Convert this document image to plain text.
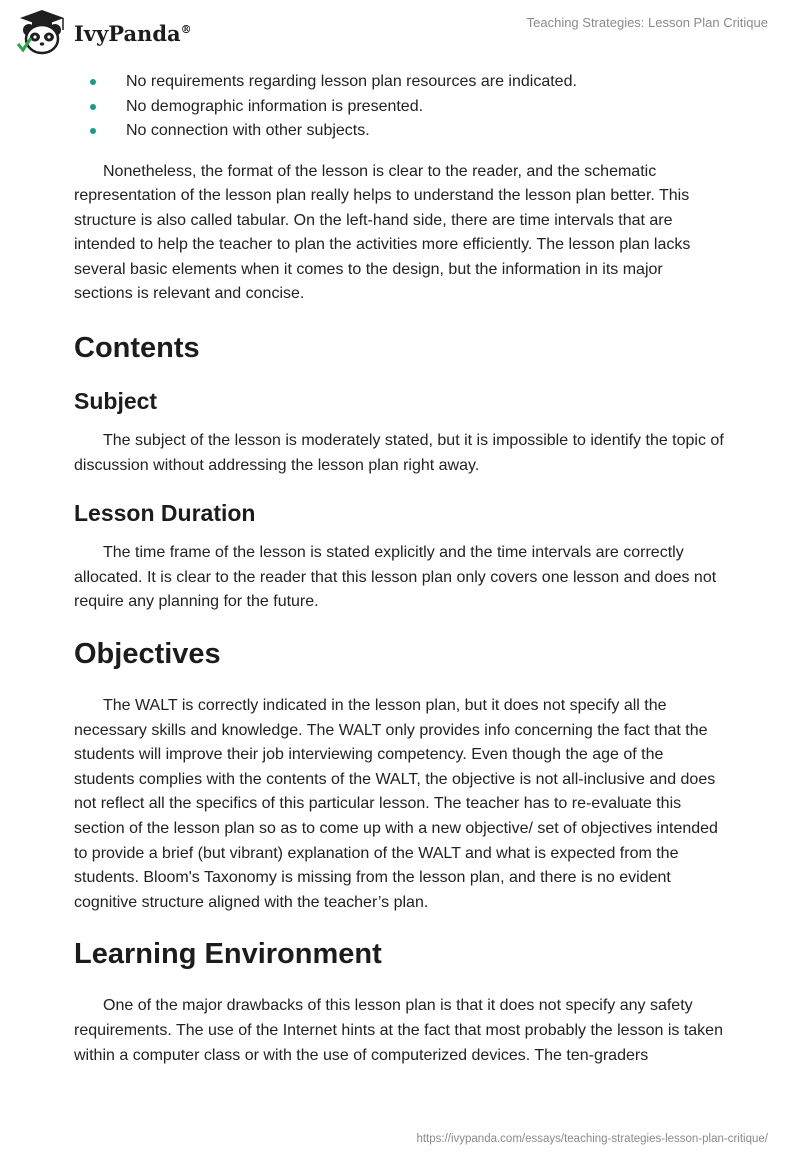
IvyPanda®	Teaching Strategies: Lesson Plan Critique
No requirements regarding lesson plan resources are indicated.
No demographic information is presented.
No connection with other subjects.

Nonetheless, the format of the lesson is clear to the reader, and the schematic representation of the lesson plan really helps to understand the lesson plan better. This structure is also called tabular. On the left-hand side, there are time intervals that are intended to help the teacher to plan the activities more efficiently. The lesson plan lacks several basic elements when it comes to the design, but the information in its major sections is relevant and concise.

Contents
Subject

The subject of the lesson is moderately stated, but it is impossible to identify the topic of discussion without addressing the lesson plan right away.

Lesson Duration

The time frame of the lesson is stated explicitly and the time intervals are correctly allocated. It is clear to the reader that this lesson plan only covers one lesson and does not require any planning for the future.

Objectives

The WALT is correctly indicated in the lesson plan, but it does not specify all the necessary skills and knowledge. The WALT only provides info concerning the fact that the students will improve their job interviewing competency. Even though the age of the students complies with the contents of the WALT, the objective is not all-inclusive and does not reflect all the specifics of this particular lesson. The teacher has to re-evaluate this section of the lesson plan so as to come up with a new objective/ set of objectives intended to provide a brief (but vibrant) explanation of the WALT and what is expected from the students. Bloom's Taxonomy is missing from the lesson plan, and there is no evident cognitive structure aligned with the teacher’s plan.

Learning Environment

One of the major drawbacks of this lesson plan is that it does not specify any safety requirements. The use of the Internet hints at the fact that most probably the lesson is taken within a computer class or with the use of computerized devices. The ten-graders

https://ivypanda.com/essays/teaching-strategies-lesson-plan-critique/
